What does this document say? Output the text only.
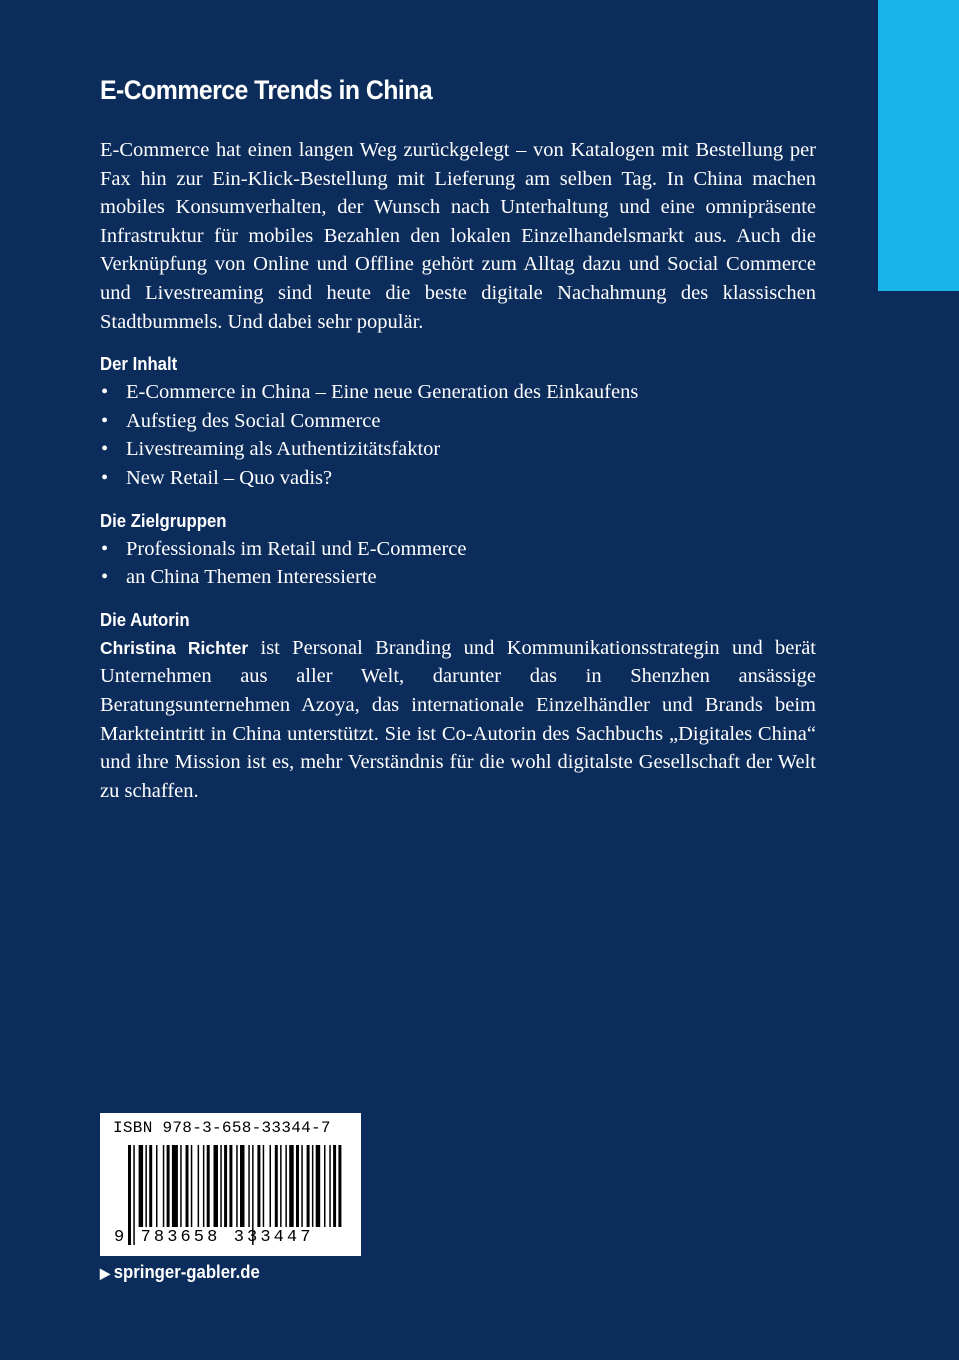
E-Commerce Trends in China

E-Commerce hat einen langen Weg zurückgelegt – von Katalogen mit Bestellung per Fax hin zur Ein-Klick-Bestellung mit Lieferung am selben Tag. In China machen mobiles Konsumverhalten, der Wunsch nach Unterhaltung und eine omnipräsente Infrastruktur für mobiles Bezahlen den lokalen Einzelhandelsmarkt aus. Auch die Verknüpfung von Online und Offline gehört zum Alltag dazu und Social Commerce und Livestreaming sind heute die beste digitale Nachahmung des klassischen Stadtbummels. Und dabei sehr populär.

Der Inhalt
• E-Commerce in China – Eine neue Generation des Einkaufens
• Aufstieg des Social Commerce
• Livestreaming als Authentizitätsfaktor
• New Retail – Quo vadis?
Die Zielgruppen
• Professionals im Retail und E-Commerce
• an China Themen Interessierte
Die Autorin

Christina Richter ist Personal Branding und Kommunikationsstrategin und berät Unternehmen aus aller Welt, darunter das in Shenzhen ansässige Beratungsunternehmen Azoya, das internationale Einzelhändler und Brands beim Markteintritt in China unterstützt. Sie ist Co-Autorin des Sachbuchs „Digitales China“ und ihre Mission ist es, mehr Verständnis für die wohl digitalste Gesellschaft der Welt zu schaffen.

ISBN 978-3-658-33344-7
9 783658 333447
▶ springer-gabler.de
